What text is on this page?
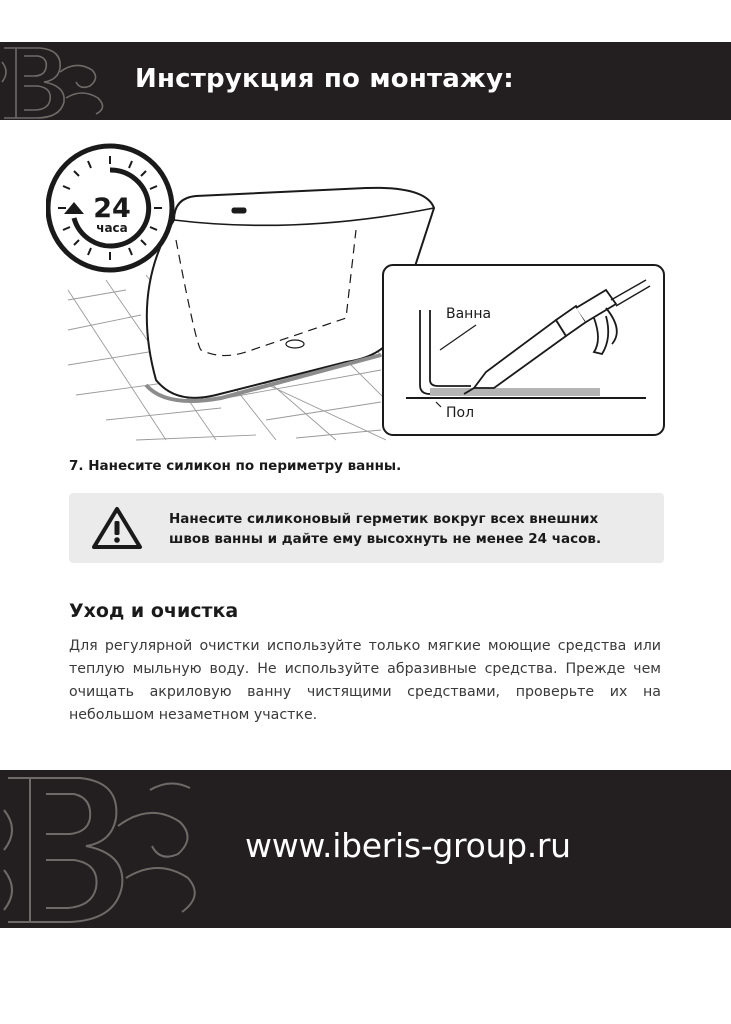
Инструкция по монтажу:
24
часа
Ванна
Пол
7. Нанесите силикон по периметру ванны.
Нанесите силиконовый герметик вокруг всех внешних швов ванны и дайте ему высохнуть не менее 24 часов.
Уход и очистка
Для регулярной очистки используйте только мягкие моющие средства или теплую мыльную воду. Не используйте абразивные средства. Прежде чем очищать акриловую ванну чистящими средствами, проверьте их на небольшом незаметном участке.
www.iberis-group.ru
